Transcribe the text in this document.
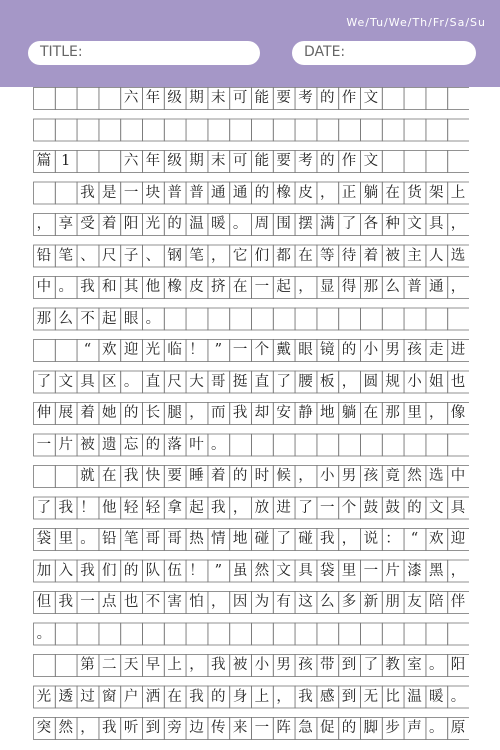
We/Tu/We/Th/Fr/Sa/Su
TITLE:	DATE:
六 年 级 期 末 可 能 要 考 的 作 文
篇 1	六 年 级 期 末 可 能 要 考 的 作 文
我 是 一 块 普 普 通 通 的 橡 皮 ， 正 躺 在 货 架 上
， 享 受 着 阳 光 的 温 暖 。 周 围 摆 满 了 各 种 文 具 ，
铅 笔 、 尺 子 、 钢 笔 ， 它 们 都 在 等 待 着 被 主 人 选
中 。 我 和 其 他 橡 皮 挤 在 一 起 ， 显 得 那 么 普 通 ，
那 么 不 起 眼 。
“ 欢 迎 光 临 ！ ” 一 个 戴 眼 镜 的 小 男 孩 走 进
了 文 具 区 。 直 尺 大 哥 挺 直 了 腰 板 ， 圆 规 小 姐 也
伸 展 着 她 的 长 腿 ， 而 我 却 安 静 地 躺 在 那 里 ， 像
一 片 被 遗 忘 的 落 叶 。
就 在 我 快 要 睡 着 的 时 候 ， 小 男 孩 竟 然 选 中
了 我 ！ 他 轻 轻 拿 起 我 ， 放 进 了 一 个 鼓 鼓 的 文 具
袋 里 。 铅 笔 哥 哥 热 情 地 碰 了 碰 我 ， 说 ： “ 欢 迎
加 入 我 们 的 队 伍 ！ ” 虽 然 文 具 袋 里 一 片 漆 黑 ，
但 我 一 点 也 不 害 怕 ， 因 为 有 这 么 多 新 朋 友 陪 伴
。
第 二 天 早 上 ， 我 被 小 男 孩 带 到 了 教 室 。 阳
光 透 过 窗 户 洒 在 我 的 身 上 ， 我 感 到 无 比 温 暖 。
突 然 ， 我 听 到 旁 边 传 来 一 阵 急 促 的 脚 步 声 。 原
